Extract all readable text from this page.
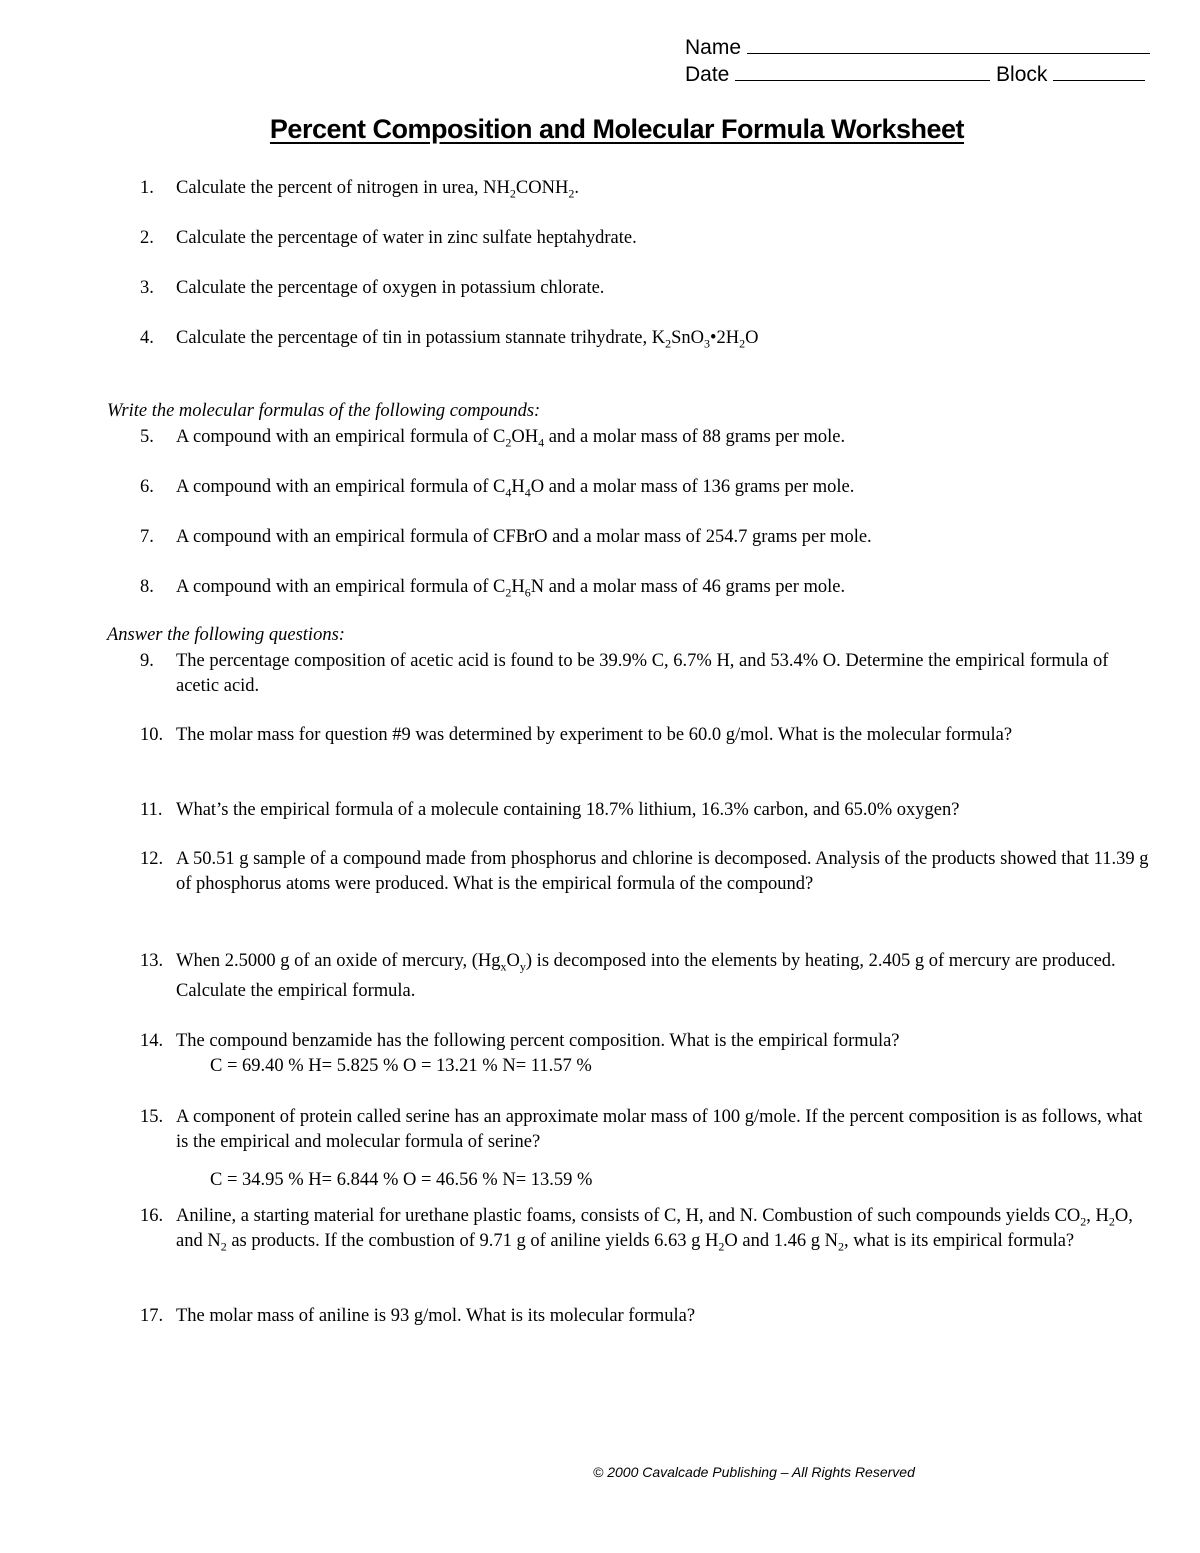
Name
Date	Block
Percent Composition and Molecular Formula Worksheet
1.	Calculate the percent of nitrogen in urea, $NH_2CONH_2$.
2.	Calculate the percentage of water in zinc sulfate heptahydrate.
3.	Calculate the percentage of oxygen in potassium chlorate.
4.	Calculate the percentage of tin in potassium stannate trihydrate, $K_2SnO_3•2H_2O$
Write the molecular formulas of the following compounds:
5.	A compound with an empirical formula of $C_2OH_4$ and a molar mass of 88 grams per mole.
6.	A compound with an empirical formula of $C_4H_4O$ and a molar mass of 136 grams per mole.
7.	A compound with an empirical formula of CFBrO and a molar mass of 254.7 grams per mole.
8.	A compound with an empirical formula of $C_2H_6N$ and a molar mass of 46 grams per mole.
Answer the following questions:
9.	The percentage composition of acetic acid is found to be 39.9% C, 6.7% H, and 53.4% O. Determine the empirical formula of acetic acid.
10. The molar mass for question #9 was determined by experiment to be 60.0 g/mol. What is the molecular formula?
11. What’s the empirical formula of a molecule containing 18.7% lithium, 16.3% carbon, and 65.0% oxygen?
12. A 50.51 g sample of a compound made from phosphorus and chlorine is decomposed. Analysis of the products showed that 11.39 g of phosphorus atoms were produced. What is the empirical formula of the compound?
13. When 2.5000 g of an oxide of mercury, $(Hg_xO_y)$ is decomposed into the elements by heating, 2.405 g of mercury are produced. Calculate the empirical formula.
14. The compound benzamide has the following percent composition. What is the empirical formula?
C = 69.40 % H= 5.825 % O = 13.21 % N= 11.57 %
15. A component of protein called serine has an approximate molar mass of 100 g/mole. If the percent composition is as follows, what is the empirical and molecular formula of serine?
C = 34.95 % H= 6.844 % O = 46.56 % N= 13.59 %
16. Aniline, a starting material for urethane plastic foams, consists of C, H, and N. Combustion of such compounds yields $CO_2$, $H_2O$, and $N_2$ as products. If the combustion of 9.71 g of aniline yields 6.63 g $H_2O$ and 1.46 g $N_2$, what is its empirical formula?
17. The molar mass of aniline is 93 g/mol. What is its molecular formula?
© 2000 Cavalcade Publishing – All Rights Reserved
